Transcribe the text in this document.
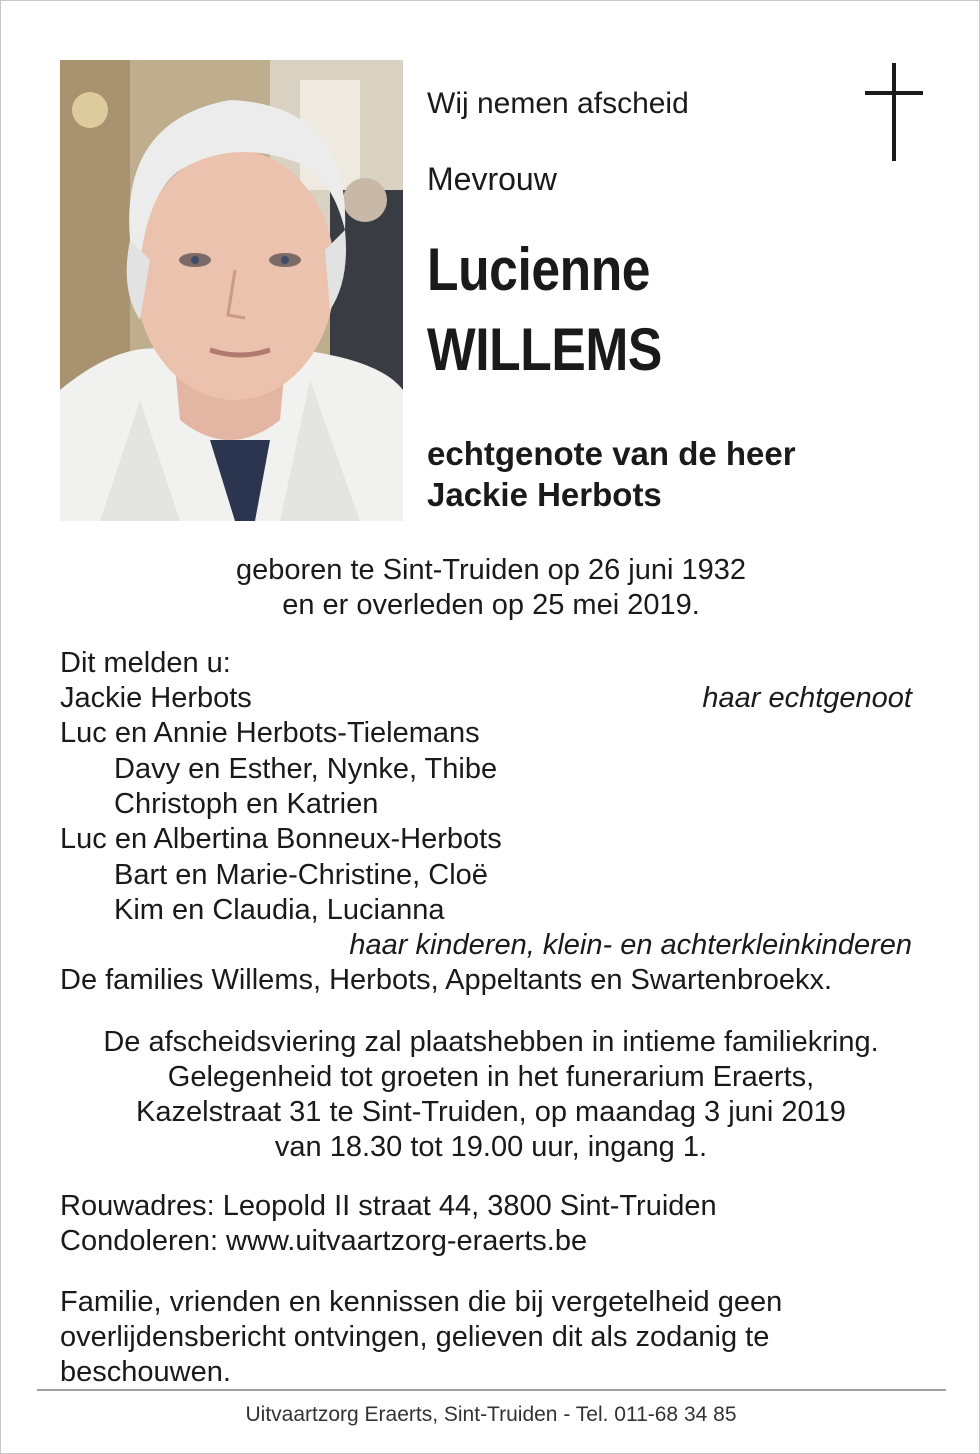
Wij nemen afscheid
Mevrouw
Lucienne
WILLEMS
echtgenote van de heer
Jackie Herbots
geboren te Sint-Truiden op 26 juni 1932
en er overleden op 25 mei 2019.
Dit melden u:
Jackie Herbots	haar echtgenoot
Luc en Annie Herbots-Tielemans
Davy en Esther, Nynke, Thibe
Christoph en Katrien
Luc en Albertina Bonneux-Herbots
Bart en Marie-Christine, Cloë
Kim en Claudia, Lucianna
haar kinderen, klein- en achterkleinkinderen
De families Willems, Herbots, Appeltants en Swartenbroekx.
De afscheidsviering zal plaatshebben in intieme familiekring.
Gelegenheid tot groeten in het funerarium Eraerts,
Kazelstraat 31 te Sint-Truiden, op maandag 3 juni 2019
van 18.30 tot 19.00 uur, ingang 1.
Rouwadres: Leopold II straat 44, 3800 Sint-Truiden
Condoleren: www.uitvaartzorg-eraerts.be
Familie, vrienden en kennissen die bij vergetelheid geen overlijdensbericht ontvingen, gelieven dit als zodanig te beschouwen.
Uitvaartzorg Eraerts, Sint-Truiden - Tel. 011-68 34 85
